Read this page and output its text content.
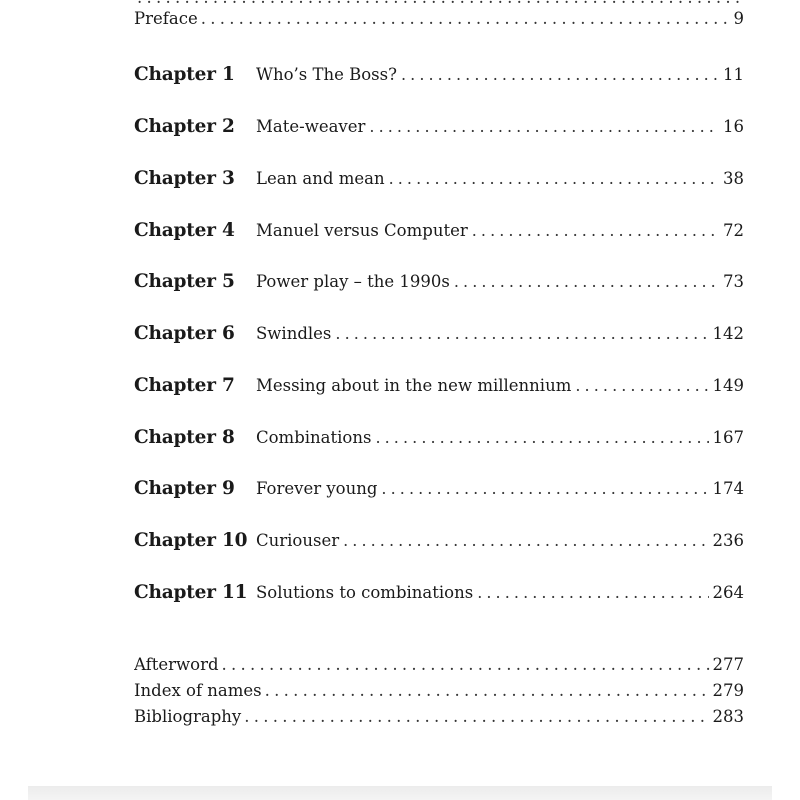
. . .
Preface . . .	9
Chapter 1	Who’s The Boss? . . .	11
Chapter 2	Mate-weaver . . .	16
Chapter 3	Lean and mean . . .	38
Chapter 4	Manuel versus Computer . . .	72
Chapter 5	Power play – the 1990s . . .	73
Chapter 6	Swindles . . .	142
Chapter 7	Messing about in the new millennium . . .	149
Chapter 8	Combinations . . .	167
Chapter 9	Forever young . . .	174
Chapter 10 Curiouser . . .	236
Chapter 11 Solutions to combinations . . .	264
Afterword . . .	277
Index of names . . .	279
Bibliography . . .	283
